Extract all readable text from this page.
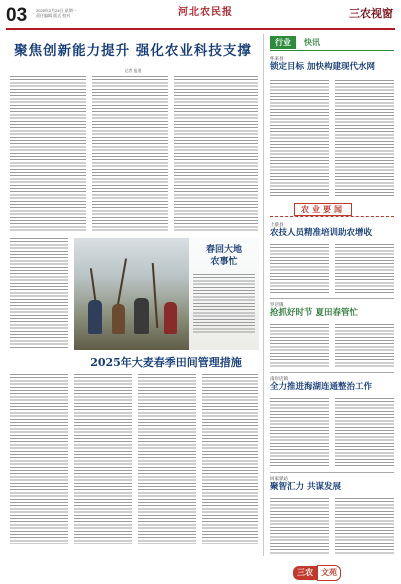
03 2025年2月24日 星期一
责任编辑 版式 校对	河北农民报	三农视窗
聚焦创新能力提升 强化农业科技支撑
记者 报道
春回大地
农事忙
2025年大麦春季田间管理措施
行业	快讯
怀来县
锁定目标 加快构建现代水网
农业要闻
上蔡县
农技人员精准培训助农增收
罗店镇
抢抓好时节 夏田春管忙
南岸店镇
全力推进海湖连通整治工作
回家驿站
聚智汇力 共谋发展
三农 文苑
